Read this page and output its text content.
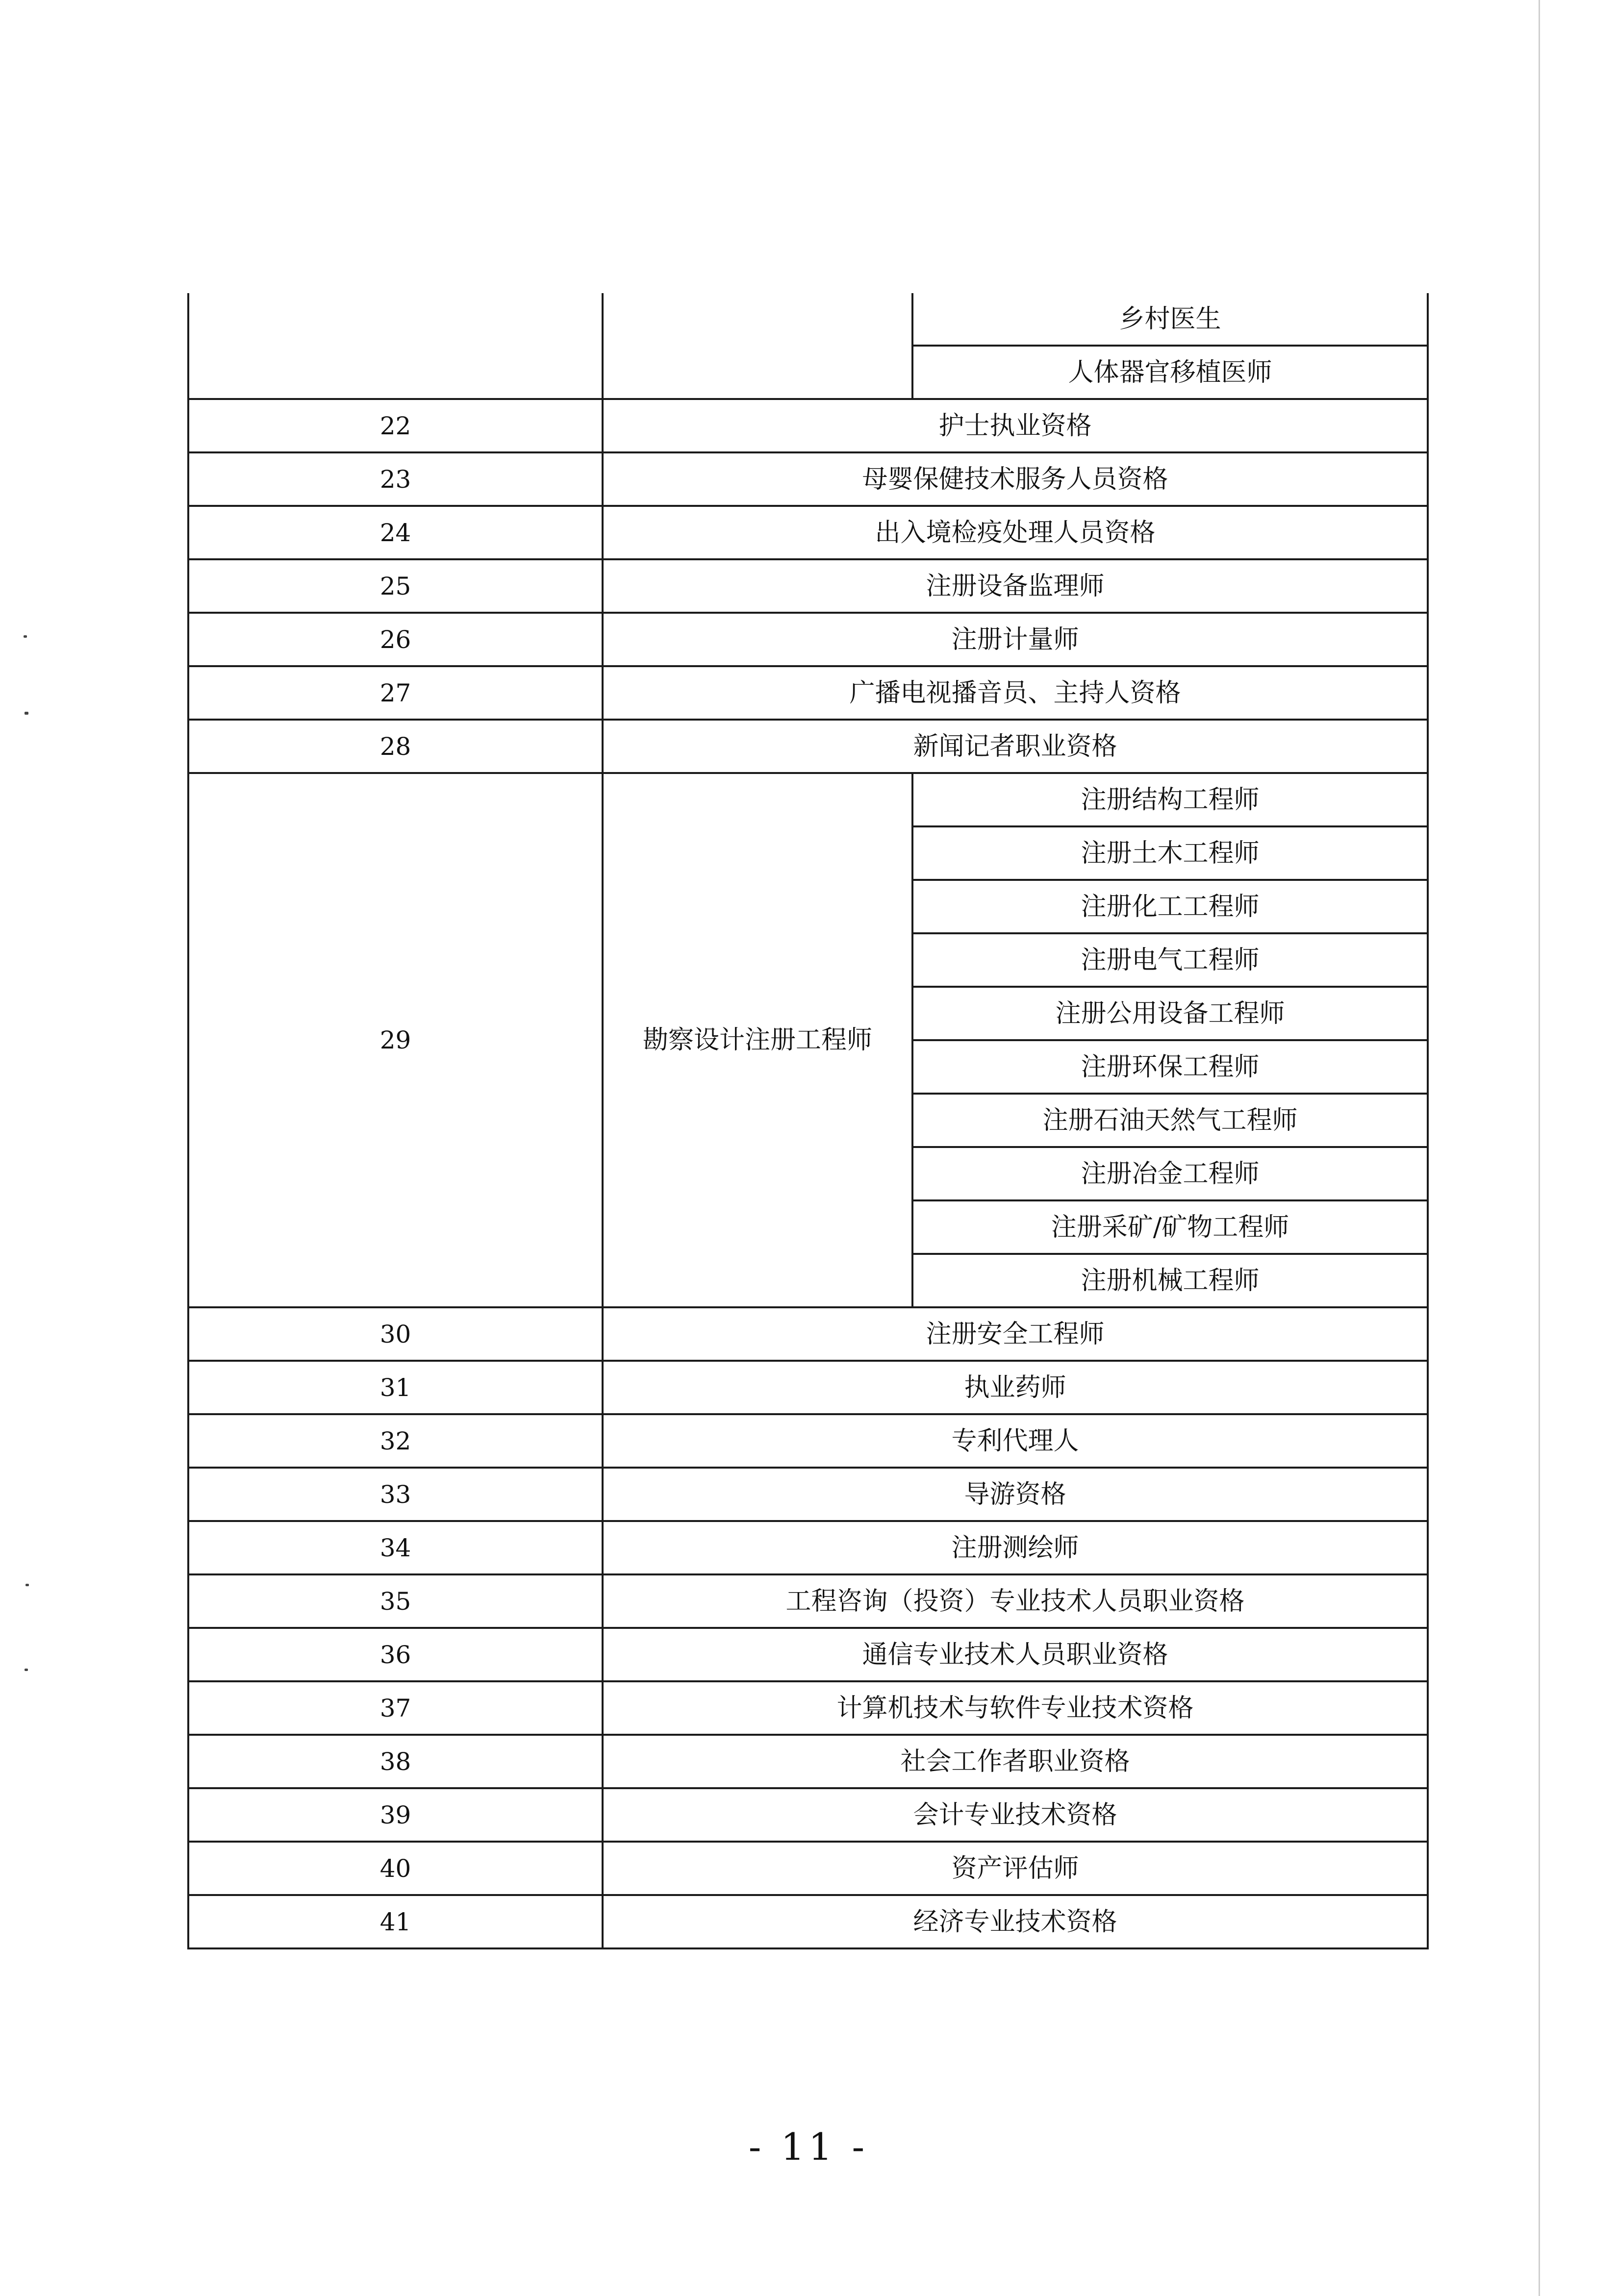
		乡村医生
		人体器官移植医师
22	护士执业资格	
23	母婴保健技术服务人员资格	
24	出入境检疫处理人员资格	
25	注册设备监理师	
26	注册计量师	
27	广播电视播音员、主持人资格	
28	新闻记者职业资格	
29	勘察设计注册工程师	注册结构工程师
		注册土木工程师
		注册化工工程师
		注册电气工程师
		注册公用设备工程师
		注册环保工程师
		注册石油天然气工程师
		注册冶金工程师
		注册采矿/矿物工程师
		注册机械工程师
30	注册安全工程师	
31	执业药师	
32	专利代理人	
33	导游资格	
34	注册测绘师	
35	工程咨询（投资）专业技术人员职业资格	
36	通信专业技术人员职业资格	
37	计算机技术与软件专业技术资格	
38	社会工作者职业资格	
39	会计专业技术资格	
40	资产评估师	
41	经济专业技术资格	
- 11 -
